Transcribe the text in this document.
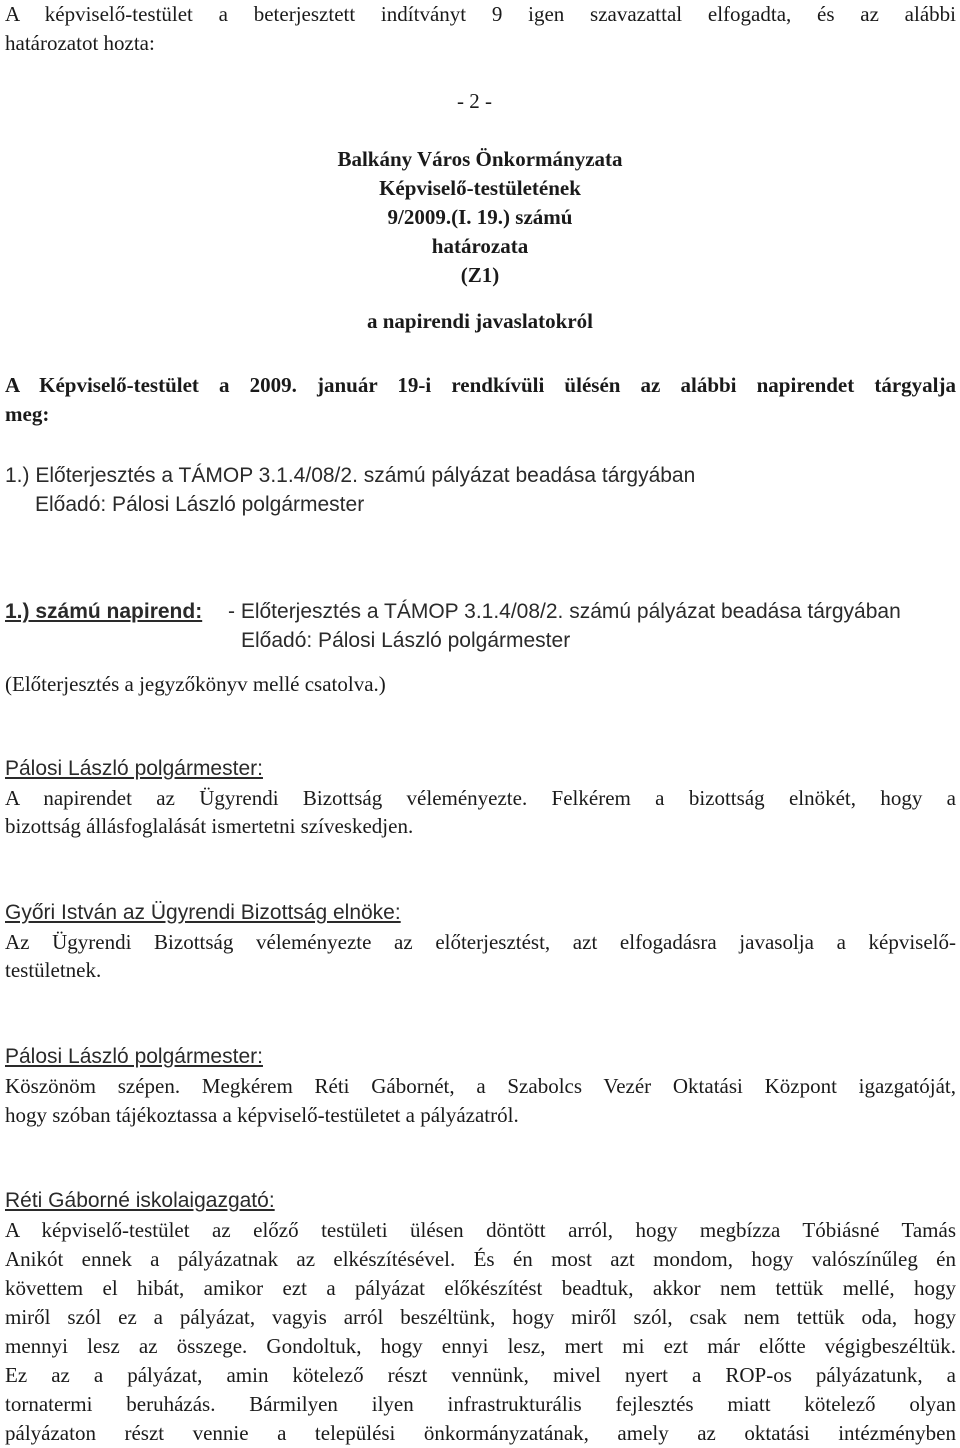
A képviselő-testület a beterjesztett indítványt 9 igen szavazattal elfogadta, és az alábbi
határozatot hozta:
- 2 -
Balkány Város Önkormányzata
Képviselő-testületének
9/2009.(I. 19.) számú
határozata
(Z1)
a napirendi javaslatokról
A Képviselő-testület a 2009. január 19-i rendkívüli ülésén az alábbi napirendet tárgyalja
meg:
1.) Előterjesztés a TÁMOP 3.1.4/08/2. számú pályázat beadása tárgyában
Előadó: Pálosi László polgármester
1.) számú napirend: - Előterjesztés a TÁMOP 3.1.4/08/2. számú pályázat beadása tárgyában
Előadó: Pálosi László polgármester
(Előterjesztés a jegyzőkönyv mellé csatolva.)
Pálosi László polgármester:
A napirendet az Ügyrendi Bizottság véleményezte. Felkérem a bizottság elnökét, hogy a
bizottság állásfoglalását ismertetni szíveskedjen.
Győri István az Ügyrendi Bizottság elnöke:
Az Ügyrendi Bizottság véleményezte az előterjesztést, azt elfogadásra javasolja a képviselő-
testületnek.
Pálosi László polgármester:
Köszönöm szépen. Megkérem Réti Gábornét, a Szabolcs Vezér Oktatási Központ igazgatóját,
hogy szóban tájékoztassa a képviselő-testületet a pályázatról.
Réti Gáborné iskolaigazgató:
A képviselő-testület az előző testületi ülésen döntött arról, hogy megbízza Tóbiásné Tamás
Anikót ennek a pályázatnak az elkészítésével. És én most azt mondom, hogy valószínűleg én
követtem el hibát, amikor ezt a pályázat előkészítést beadtuk, akkor nem tettük mellé, hogy
miről szól ez a pályázat, vagyis arról beszéltünk, hogy miről szól, csak nem tettük oda, hogy
mennyi lesz az összege. Gondoltuk, hogy ennyi lesz, mert mi ezt már előtte végigbeszéltük.
Ez az a pályázat, amin kötelező részt vennünk, mivel nyert a ROP-os pályázatunk, a
tornatermi beruházás. Bármilyen ilyen infrastrukturális fejlesztés miatt kötelező olyan
pályázaton részt vennie a települési önkormányzatának, amely az oktatási intézményben
